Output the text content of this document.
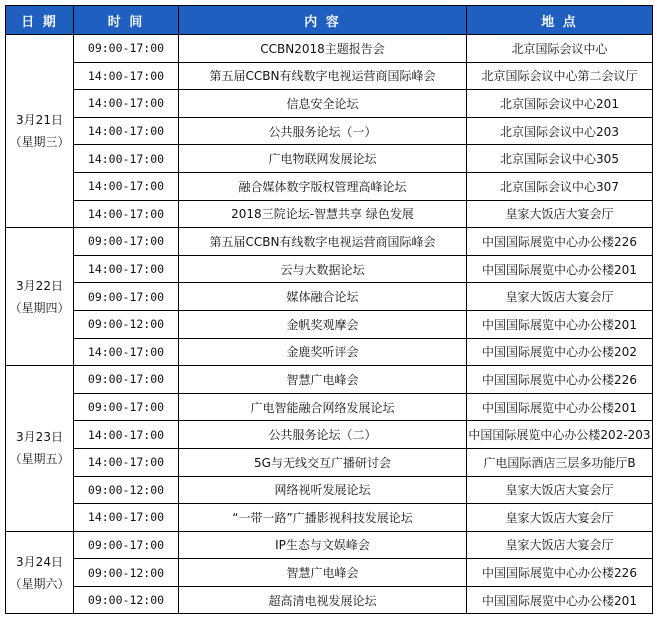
日 期	时 间	内 容	地 点

3月21日
（星期三）	09:00-17:00	CCBN2018主题报告会	北京国际会议中心
	14:00-17:00	第五届CCBN有线数字电视运营商国际峰会	北京国际会议中心第二会议厅
	14:00-17:00	信息安全论坛	北京国际会议中心201
	14:00-17:00	公共服务论坛（一）	北京国际会议中心203
	14:00-17:00	广电物联网发展论坛	北京国际会议中心305
	14:00-17:00	融合媒体数字版权管理高峰论坛	北京国际会议中心307
	14:00-17:00	2018三院论坛-智慧共享 绿色发展	皇家大饭店大宴会厅

3月22日
（星期四）	09:00-17:00	第五届CCBN有线数字电视运营商国际峰会	中国国际展览中心办公楼226
	14:00-17:00	云与大数据论坛	中国国际展览中心办公楼201
	09:00-17:00	媒体融合论坛	皇家大饭店大宴会厅
	09:00-12:00	金帆奖观摩会	中国国际展览中心办公楼201
	14:00-17:00	金鹿奖听评会	中国国际展览中心办公楼202

3月23日
（星期五）	09:00-17:00	智慧广电峰会	中国国际展览中心办公楼226
	09:00-17:00	广电智能融合网络发展论坛	中国国际展览中心办公楼201
	14:00-17:00	公共服务论坛（二）	中国国际展览中心办公楼202-203
	14:00-17:00	5G与无线交互广播研讨会	广电国际酒店三层多功能厅B
	09:00-12:00	网络视听发展论坛	皇家大饭店大宴会厅
	14:00-17:00	“一带一路”广播影视科技发展论坛	皇家大饭店大宴会厅

3月24日
（星期六）	09:00-17:00	IP生态与文娱峰会	皇家大饭店大宴会厅
	09:00-12:00	智慧广电峰会	中国国际展览中心办公楼226
	09:00-12:00	超高清电视发展论坛	中国国际展览中心办公楼201
